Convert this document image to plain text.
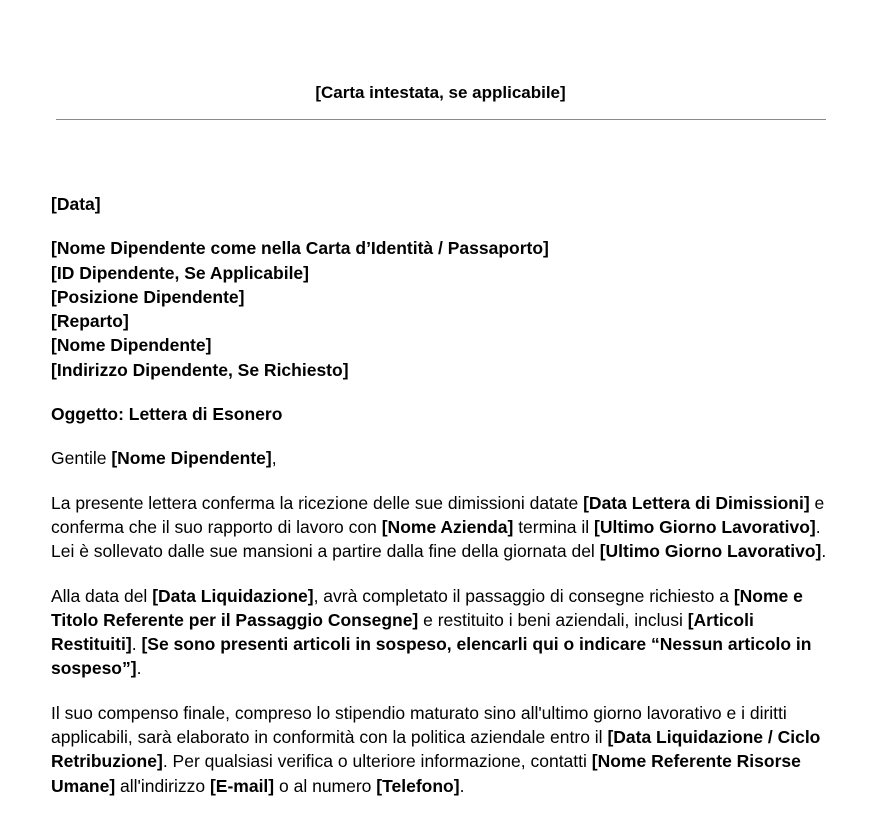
[Carta intestata, se applicabile]

[Data]

[Nome Dipendente come nella Carta d’Identità / Passaporto]
[ID Dipendente, Se Applicabile]
[Posizione Dipendente]
[Reparto]
[Nome Dipendente]
[Indirizzo Dipendente, Se Richiesto]

Oggetto: Lettera di Esonero

Gentile [Nome Dipendente],

La presente lettera conferma la ricezione delle sue dimissioni datate [Data Lettera di Dimissioni] e conferma che il suo rapporto di lavoro con [Nome Azienda] termina il [Ultimo Giorno Lavorativo]. Lei è sollevato dalle sue mansioni a partire dalla fine della giornata del [Ultimo Giorno Lavorativo].

Alla data del [Data Liquidazione], avrà completato il passaggio di consegne richiesto a [Nome e Titolo Referente per il Passaggio Consegne] e restituito i beni aziendali, inclusi [Articoli Restituiti]. [Se sono presenti articoli in sospeso, elencarli qui o indicare “Nessun articolo in sospeso”].

Il suo compenso finale, compreso lo stipendio maturato sino all'ultimo giorno lavorativo e i diritti applicabili, sarà elaborato in conformità con la politica aziendale entro il [Data Liquidazione / Ciclo Retribuzione]. Per qualsiasi verifica o ulteriore informazione, contatti [Nome Referente Risorse Umane] all'indirizzo [E-mail] o al numero [Telefono].
